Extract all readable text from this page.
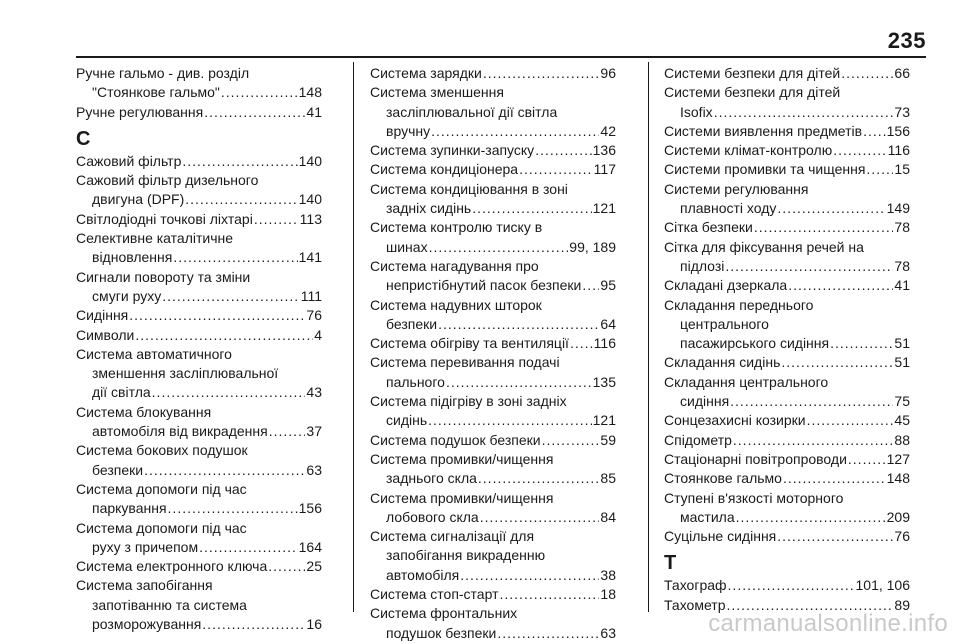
235
Ручне гальмо - див. розділ
"Стоянкове гальмо" .....	148
Ручне регулювання .....	41
С
Сажовий фільтр .....	140
Сажовий фільтр дизельного
двигуна (DPF) .....	140
Світлодіодні точкові ліхтарі .....	113
Селективне каталітичне
відновлення .....	141
Сигнали повороту та зміни
смуги руху .....	111
Сидіння .....	76
Символи .....	4
Система автоматичного
зменшення засліплювальної
дії світла .....	43
Система блокування
автомобіля від викрадення .....	37
Система бокових подушок
безпеки .....	63
Система допомоги під час
паркування .....	156
Система допомоги під час
руху з причепом .....	164
Система електронного ключа .....	25
Система запобігання
запотіванню та система
розморожування .....	16
Система зарядки .....	96
Система зменшення
засліплювальної дії світла
вручну .....	42
Система зупинки-запуску .....	136
Система кондиціонера .....	117
Система кондиціювання в зоні
задніх сидінь .....	121
Система контролю тиску в
шинах .....	99, 189
Система нагадування про
непристібнутий пасок безпеки ..... 95
Система надувних шторок
безпеки .....	64
Система обігріву та вентиляції ..... 116
Система перевивання подачі
пального .....	135
Система підігріву в зоні задніх
сидінь .....	121
Система подушок безпеки .....	59
Система промивки/чищення
заднього скла .....	85
Система промивки/чищення
лобового скла .....	84
Система сигналізації для
запобігання викраденню
автомобіля .....	38
Система стоп-старт .....	18
Система фронтальних
подушок безпеки .....	63
Системи безпеки для дітей .....	66
Системи безпеки для дітей
Isofix .....	73
Системи виявлення предметів ..... 156
Системи клімат-контролю .....	116
Системи промивки та чищення ..... 15
Системи регулювання
плавності ходу .....	149
Сітка безпеки .....	78
Сітка для фіксування речей на
підлозі .....	78
Складані дзеркала .....	41
Складання переднього
центрального
пасажирського сидіння .....	51
Складання сидінь .....	51
Складання центрального
сидіння .....	75
Сонцезахисні козирки .....	45
Спідометр .....	88
Стаціонарні повітропроводи .....	127
Стоянкове гальмо .....	148
Ступені в'язкості моторного
мастила .....	209
Суцільне сидіння .....	76
Т
Тахограф .....	101, 106
Тахометр .....	89
carmanualsonline.info
